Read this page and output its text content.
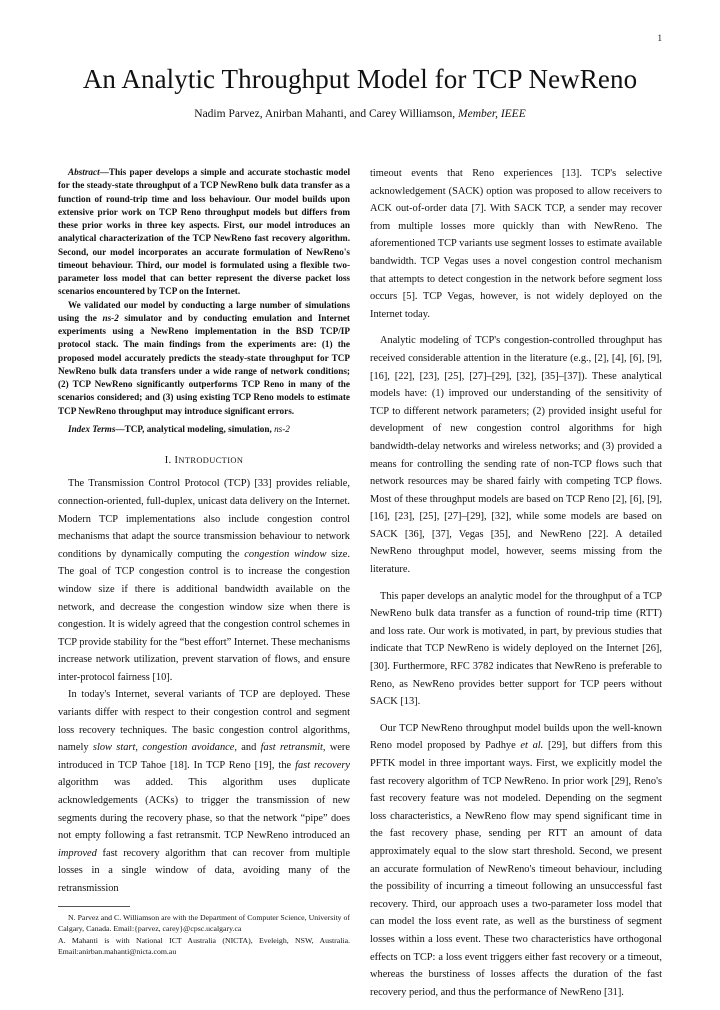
1
An Analytic Throughput Model for TCP NewReno
Nadim Parvez, Anirban Mahanti, and Carey Williamson, Member, IEEE

Abstract—This paper develops a simple and accurate stochastic model for the steady-state throughput of a TCP NewReno bulk data transfer as a function of round-trip time and loss behaviour. Our model builds upon extensive prior work on TCP Reno throughput models but differs from these prior works in three key aspects. First, our model introduces an analytical characterization of the TCP NewReno fast recovery algorithm. Second, our model incorporates an accurate formulation of NewReno's timeout behaviour. Third, our model is formulated using a flexible two-parameter loss model that can better represent the diverse packet loss scenarios encountered by TCP on the Internet.

We validated our model by conducting a large number of simulations using the ns-2 simulator and by conducting emulation and Internet experiments using a NewReno implementation in the BSD TCP/IP protocol stack. The main findings from the experiments are: (1) the proposed model accurately predicts the steady-state throughput for TCP NewReno bulk data transfers under a wide range of network conditions; (2) TCP NewReno significantly outperforms TCP Reno in many of the scenarios considered; and (3) using existing TCP Reno models to estimate TCP NewReno throughput may introduce significant errors.

Index Terms—TCP, analytical modeling, simulation, ns-2
I. INTRODUCTION

The Transmission Control Protocol (TCP) [33] provides reliable, connection-oriented, full-duplex, unicast data delivery on the Internet. Modern TCP implementations also include congestion control mechanisms that adapt the source transmission behaviour to network conditions by dynamically computing the congestion window size. The goal of TCP congestion control is to increase the congestion window size if there is additional bandwidth available on the network, and decrease the congestion window size when there is congestion. It is widely agreed that the congestion control schemes in TCP provide stability for the “best effort” Internet. These mechanisms increase network utilization, prevent starvation of flows, and ensure inter-protocol fairness [10].

In today's Internet, several variants of TCP are deployed. These variants differ with respect to their congestion control and segment loss recovery techniques. The basic congestion control algorithms, namely slow start, congestion avoidance, and fast retransmit, were introduced in TCP Tahoe [18]. In TCP Reno [19], the fast recovery algorithm was added. This algorithm uses duplicate acknowledgements (ACKs) to trigger the transmission of new segments during the recovery phase, so that the network “pipe” does not empty following a fast retransmit. TCP NewReno introduced an improved fast recovery algorithm that can recover from multiple losses in a single window of data, avoiding many of the retransmission

N. Parvez and C. Williamson are with the Department of Computer Science, University of Calgary, Canada. Email:{parvez, carey}@cpsc.ucalgary.ca

A. Mahanti is with National ICT Australia (NICTA), Eveleigh, NSW, Australia. Email:anirban.mahanti@nicta.com.au

timeout events that Reno experiences [13]. TCP's selective acknowledgement (SACK) option was proposed to allow receivers to ACK out-of-order data [7]. With SACK TCP, a sender may recover from multiple losses more quickly than with NewReno. The aforementioned TCP variants use segment losses to estimate available bandwidth. TCP Vegas uses a novel congestion control mechanism that attempts to detect congestion in the network before segment loss occurs [5]. TCP Vegas, however, is not widely deployed on the Internet today.

Analytic modeling of TCP's congestion-controlled throughput has received considerable attention in the literature (e.g., [2], [4], [6], [9], [16], [22], [23], [25], [27]–[29], [32], [35]–[37]). These analytical models have: (1) improved our understanding of the sensitivity of TCP to different network parameters; (2) provided insight useful for development of new congestion control algorithms for high bandwidth-delay networks and wireless networks; and (3) provided a means for controlling the sending rate of non-TCP flows such that network resources may be shared fairly with competing TCP flows. Most of these throughput models are based on TCP Reno [2], [6], [9], [16], [23], [25], [27]–[29], [32], while some models are based on SACK [36], [37], Vegas [35], and NewReno [22]. A detailed NewReno throughput model, however, seems missing from the literature.

This paper develops an analytic model for the throughput of a TCP NewReno bulk data transfer as a function of round-trip time (RTT) and loss rate. Our work is motivated, in part, by previous studies that indicate that TCP NewReno is widely deployed on the Internet [26], [30]. Furthermore, RFC 3782 indicates that NewReno is preferable to Reno, as NewReno provides better support for TCP peers without SACK [13].

Our TCP NewReno throughput model builds upon the well-known Reno model proposed by Padhye et al. [29], but differs from this PFTK model in three important ways. First, we explicitly model the fast recovery algorithm of TCP NewReno. In prior work [29], Reno's fast recovery feature was not modeled. Depending on the segment loss characteristics, a NewReno flow may spend significant time in the fast recovery phase, sending per RTT an amount of data approximately equal to the slow start threshold. Second, we present an accurate formulation of NewReno's timeout behaviour, including the possibility of incurring a timeout following an unsuccessful fast recovery. Third, our approach uses a two-parameter loss model that can model the loss event rate, as well as the burstiness of segment losses within a loss event. These two characteristics have orthogonal effects on TCP: a loss event triggers either fast recovery or a timeout, whereas the burstiness of losses affects the duration of the fast recovery period, and thus the performance of NewReno [31].
